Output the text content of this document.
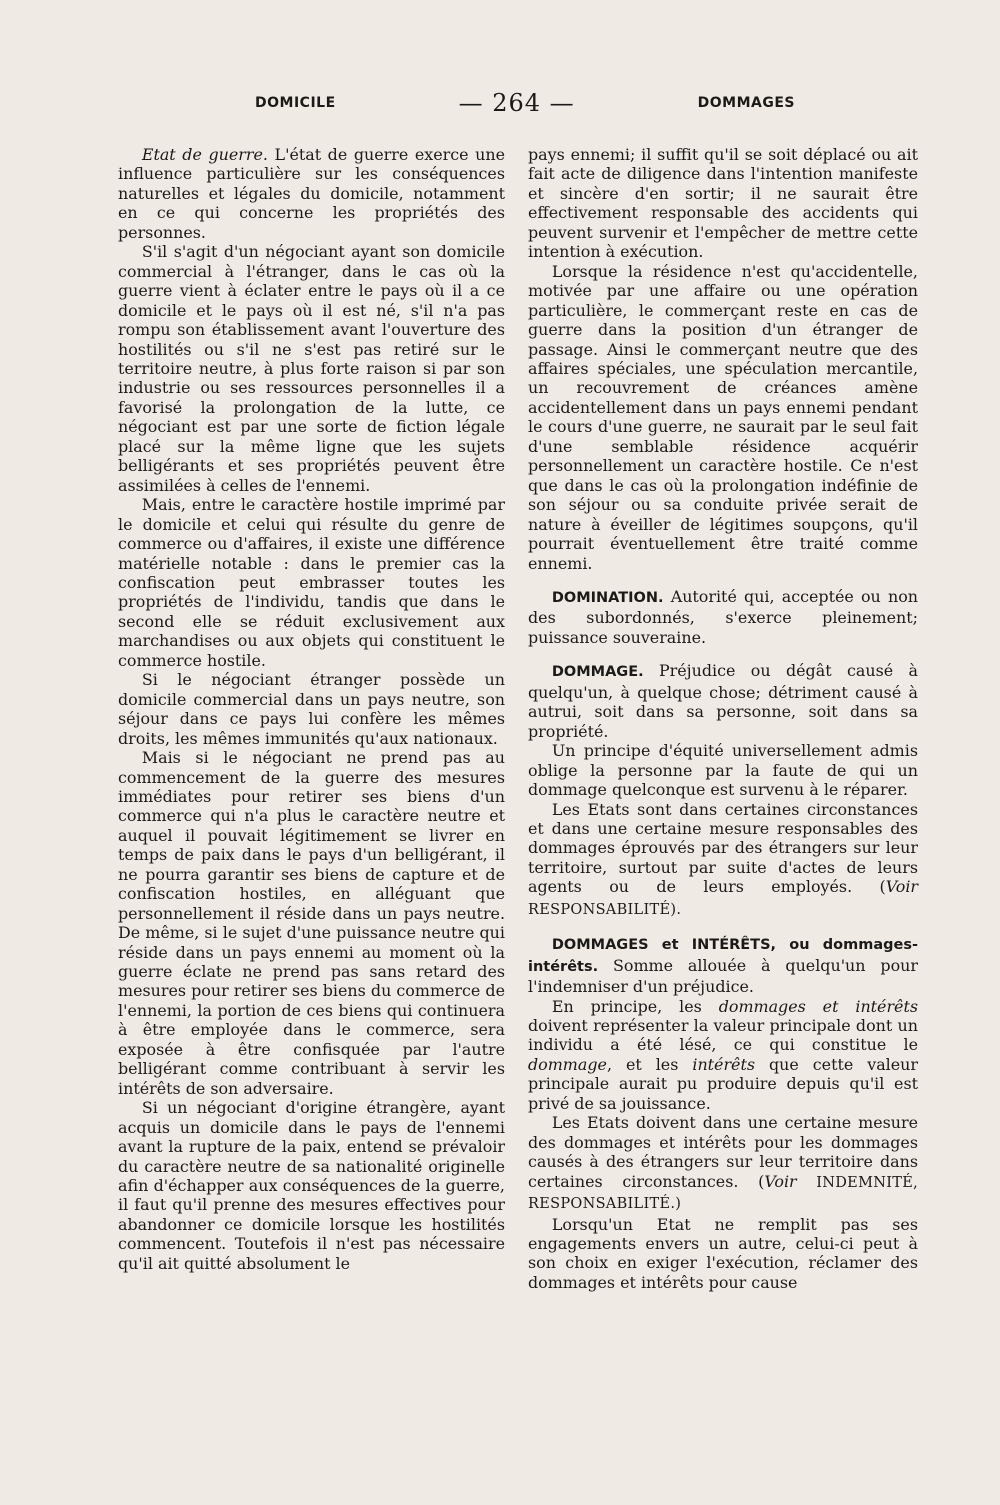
DOMICILE	— 264 —	DOMMAGES

Etat de guerre. L'état de guerre exerce une influence particulière sur les conséquences naturelles et légales du domicile, notamment en ce qui concerne les propriétés des personnes.

S'il s'agit d'un négociant ayant son domicile commercial à l'étranger, dans le cas où la guerre vient à éclater entre le pays où il a ce domicile et le pays où il est né, s'il n'a pas rompu son établissement avant l'ouverture des hostilités ou s'il ne s'est pas retiré sur le territoire neutre, à plus forte raison si par son industrie ou ses ressources personnelles il a favorisé la prolongation de la lutte, ce négociant est par une sorte de fiction légale placé sur la même ligne que les sujets belligérants et ses propriétés peuvent être assimilées à celles de l'ennemi.

Mais, entre le caractère hostile imprimé par le domicile et celui qui résulte du genre de commerce ou d'affaires, il existe une différence matérielle notable : dans le premier cas la confiscation peut embrasser toutes les propriétés de l'individu, tandis que dans le second elle se réduit exclusivement aux marchandises ou aux objets qui constituent le commerce hostile.

Si le négociant étranger possède un domicile commercial dans un pays neutre, son séjour dans ce pays lui confère les mêmes droits, les mêmes immunités qu'aux nationaux.

Mais si le négociant ne prend pas au commencement de la guerre des mesures immédiates pour retirer ses biens d'un commerce qui n'a plus le caractère neutre et auquel il pouvait légitimement se livrer en temps de paix dans le pays d'un belligérant, il ne pourra garantir ses biens de capture et de confiscation hostiles, en alléguant que personnellement il réside dans un pays neutre. De même, si le sujet d'une puissance neutre qui réside dans un pays ennemi au moment où la guerre éclate ne prend pas sans retard des mesures pour retirer ses biens du commerce de l'ennemi, la portion de ces biens qui continuera à être employée dans le commerce, sera exposée à être confisquée par l'autre belligérant comme contribuant à servir les intérêts de son adversaire.

Si un négociant d'origine étrangère, ayant acquis un domicile dans le pays de l'ennemi avant la rupture de la paix, entend se prévaloir du caractère neutre de sa nationalité originelle afin d'échapper aux conséquences de la guerre, il faut qu'il prenne des mesures effectives pour abandonner ce domicile lorsque les hostilités commencent. Toutefois il n'est pas nécessaire qu'il ait quitté absolument le

pays ennemi; il suffit qu'il se soit déplacé ou ait fait acte de diligence dans l'intention manifeste et sincère d'en sortir; il ne saurait être effectivement responsable des accidents qui peuvent survenir et l'empêcher de mettre cette intention à exécution.

Lorsque la résidence n'est qu'accidentelle, motivée par une affaire ou une opération particulière, le commerçant reste en cas de guerre dans la position d'un étranger de passage. Ainsi le commerçant neutre que des affaires spéciales, une spéculation mercantile, un recouvrement de créances amène accidentellement dans un pays ennemi pendant le cours d'une guerre, ne saurait par le seul fait d'une semblable résidence acquérir personnellement un caractère hostile. Ce n'est que dans le cas où la prolongation indéfinie de son séjour ou sa conduite privée serait de nature à éveiller de légitimes soupçons, qu'il pourrait éventuellement être traité comme ennemi.

DOMINATION. Autorité qui, acceptée ou non des subordonnés, s'exerce pleinement; puissance souveraine.

DOMMAGE. Préjudice ou dégât causé à quelqu'un, à quelque chose; détriment causé à autrui, soit dans sa personne, soit dans sa propriété.

Un principe d'équité universellement admis oblige la personne par la faute de qui un dommage quelconque est survenu à le réparer.

Les Etats sont dans certaines circonstances et dans une certaine mesure responsables des dommages éprouvés par des étrangers sur leur territoire, surtout par suite d'actes de leurs agents ou de leurs employés. (Voir RESPONSABILITÉ).

DOMMAGES et INTÉRÊTS, ou dommages-intérêts. Somme allouée à quelqu'un pour l'indemniser d'un préjudice.

En principe, les dommages et intérêts doivent représenter la valeur principale dont un individu a été lésé, ce qui constitue le dommage, et les intérêts que cette valeur principale aurait pu produire depuis qu'il est privé de sa jouissance.

Les Etats doivent dans une certaine mesure des dommages et intérêts pour les dommages causés à des étrangers sur leur territoire dans certaines circonstances. (Voir INDEMNITÉ, RESPONSABILITÉ.)

Lorsqu'un Etat ne remplit pas ses engagements envers un autre, celui-ci peut à son choix en exiger l'exécution, réclamer des dommages et intérêts pour cause
